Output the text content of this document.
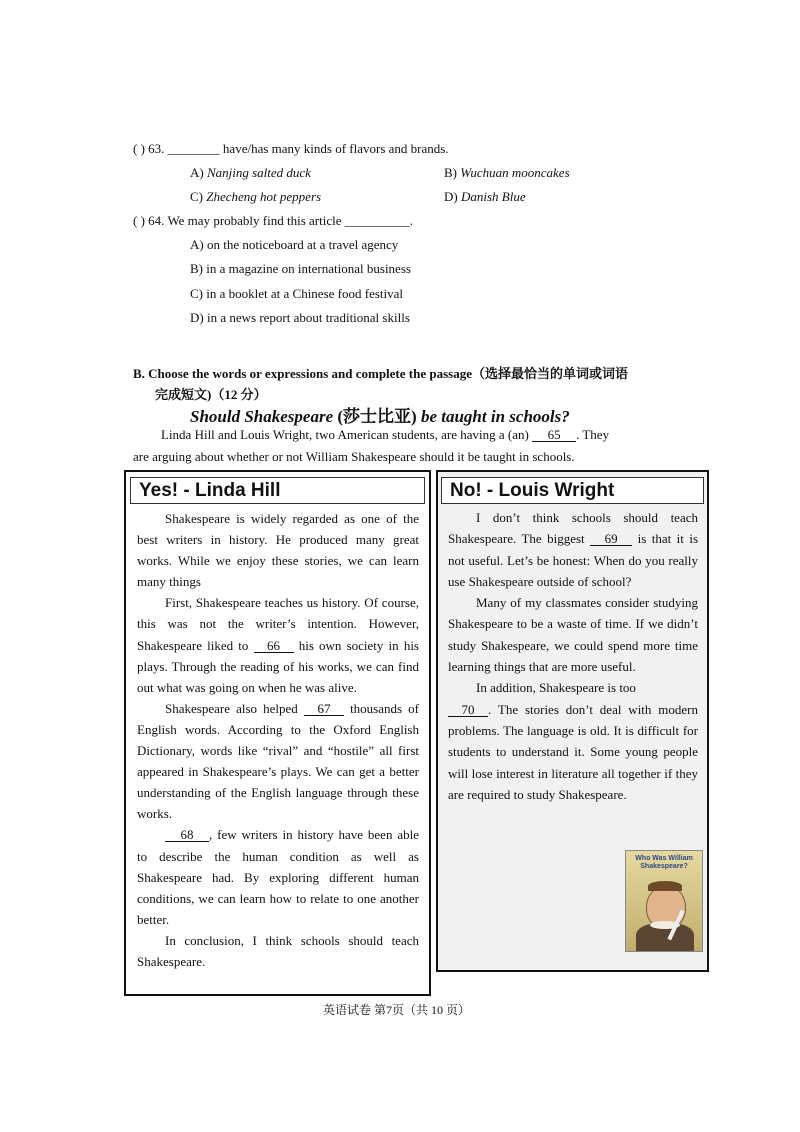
( ) 63. ________ have/has many kinds of flavors and brands.
A) Nanjing salted duck	B) Wuchuan mooncakes
C) Zhecheng hot peppers	D) Danish Blue
( ) 64. We may probably find this article __________.
A) on the noticeboard at a travel agency
B) in a magazine on international business
C) in a booklet at a Chinese food festival
D) in a news report about traditional skills
B. Choose the words or expressions and complete the passage（选择最恰当的单词或词语
完成短文)（12 分）
Should Shakespeare (莎士比亚) be taught in schools?
Linda Hill and Louis Wright, two American students, are having a (an) 65 . They
are arguing about whether or not William Shakespeare should it be taught in schools.
Yes! - Linda Hill

Shakespeare is widely regarded as one of the best writers in history. He produced many great works. While we enjoy these stories, we can learn many things

First, Shakespeare teaches us history. Of course, this was not the writer’s intention. However, Shakespeare liked to 66 his own society in his plays. Through the reading of his works, we can find out what was going on when he was alive.

Shakespeare also helped 67 thousands of English words. According to the Oxford English Dictionary, words like “rival” and “hostile” all first appeared in Shakespeare’s plays. We can get a better understanding of the English language through these works.

68 , few writers in history have been able to describe the human condition as well as Shakespeare had. By exploring different human conditions, we can learn how to relate to one another better.

In conclusion, I think schools should teach Shakespeare.

No! - Louis Wright

I don’t think schools should teach Shakespeare. The biggest 69 is that it is not useful. Let’s be honest: When do you really use Shakespeare outside of school?

Many of my classmates consider studying Shakespeare to be a waste of time. If we didn’t study Shakespeare, we could spend more time learning things that are more useful.

In addition, Shakespeare is too

70 . The stories don’t deal with modern problems. The language is old. It is difficult for students to understand it. Some young people will lose interest in literature all together if they are required to study Shakespeare.

Who Was William Shakespeare?
英语试卷 第7页（共 10 页）
